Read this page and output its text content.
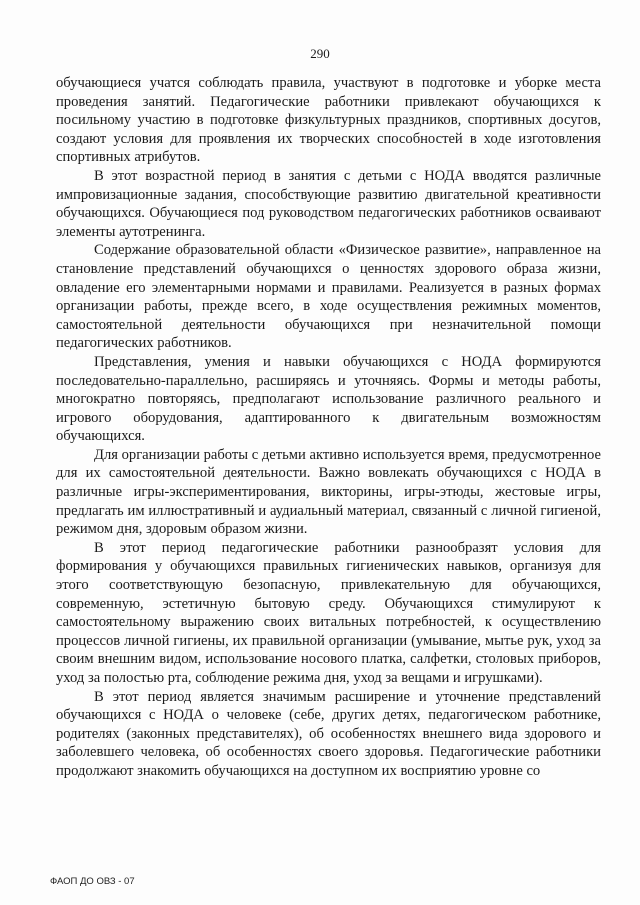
290

обучающиеся учатся соблюдать правила, участвуют в подготовке и уборке места проведения занятий. Педагогические работники привлекают обучающихся к посильному участию в подготовке физкультурных праздников, спортивных досугов, создают условия для проявления их творческих способностей в ходе изготовления спортивных атрибутов.

В этот возрастной период в занятия с детьми с НОДА вводятся различные импровизационные задания, способствующие развитию двигательной креативности обучающихся. Обучающиеся под руководством педагогических работников осваивают элементы аутотренинга.

Содержание образовательной области «Физическое развитие», направленное на становление представлений обучающихся о ценностях здорового образа жизни, овладение его элементарными нормами и правилами. Реализуется в разных формах организации работы, прежде всего, в ходе осуществления режимных моментов, самостоятельной деятельности обучающихся при незначительной помощи педагогических работников.

Представления, умения и навыки обучающихся с НОДА формируются последовательно-параллельно, расширяясь и уточняясь. Формы и методы работы, многократно повторяясь, предполагают использование различного реального и игрового оборудования, адаптированного к двигательным возможностям обучающихся.

Для организации работы с детьми активно используется время, предусмотренное для их самостоятельной деятельности. Важно вовлекать обучающихся с НОДА в различные игры-экспериментирования, викторины, игры-этюды, жестовые игры, предлагать им иллюстративный и аудиальный материал, связанный с личной гигиеной, режимом дня, здоровым образом жизни.

В этот период педагогические работники разнообразят условия для формирования у обучающихся правильных гигиенических навыков, организуя для этого соответствующую безопасную, привлекательную для обучающихся, современную, эстетичную бытовую среду. Обучающихся стимулируют к самостоятельному выражению своих витальных потребностей, к осуществлению процессов личной гигиены, их правильной организации (умывание, мытье рук, уход за своим внешним видом, использование носового платка, салфетки, столовых приборов, уход за полостью рта, соблюдение режима дня, уход за вещами и игрушками).

В этот период является значимым расширение и уточнение представлений обучающихся с НОДА о человеке (себе, других детях, педагогическом работнике, родителях (законных представителях), об особенностях внешнего вида здорового и заболевшего человека, об особенностях своего здоровья. Педагогические работники продолжают знакомить обучающихся на доступном их восприятию уровне со

ФАОП ДО ОВЗ - 07
